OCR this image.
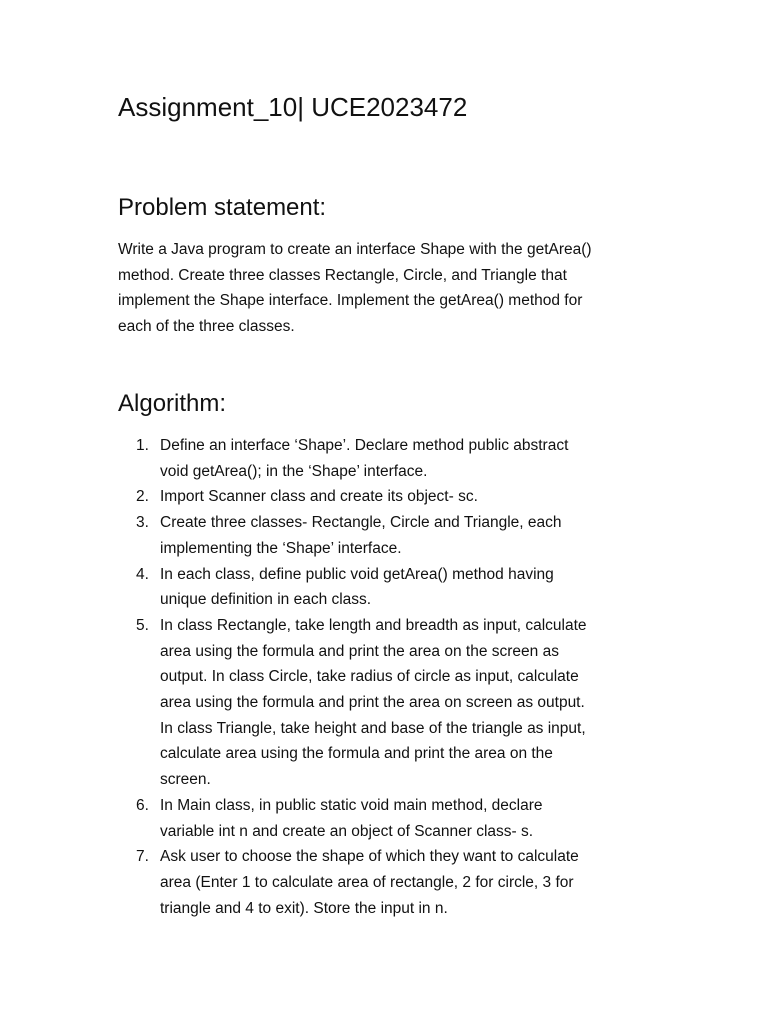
Assignment_10| UCE2023472
Problem statement:

Write a Java program to create an interface Shape with the getArea()
method. Create three classes Rectangle, Circle, and Triangle that
implement the Shape interface. Implement the getArea() method for
each of the three classes.

Algorithm:
1. Define an interface ‘Shape’. Declare method public abstract
void getArea(); in the ‘Shape’ interface.
2. Import Scanner class and create its object- sc.
3. Create three classes- Rectangle, Circle and Triangle, each
implementing the ‘Shape’ interface.
4. In each class, define public void getArea() method having
unique definition in each class.
5. In class Rectangle, take length and breadth as input, calculate
area using the formula and print the area on the screen as
output. In class Circle, take radius of circle as input, calculate
area using the formula and print the area on screen as output.
In class Triangle, take height and base of the triangle as input,
calculate area using the formula and print the area on the
screen.
6. In Main class, in public static void main method, declare
variable int n and create an object of Scanner class- s.
7. Ask user to choose the shape of which they want to calculate
area (Enter 1 to calculate area of rectangle, 2 for circle, 3 for
triangle and 4 to exit). Store the input in n.
